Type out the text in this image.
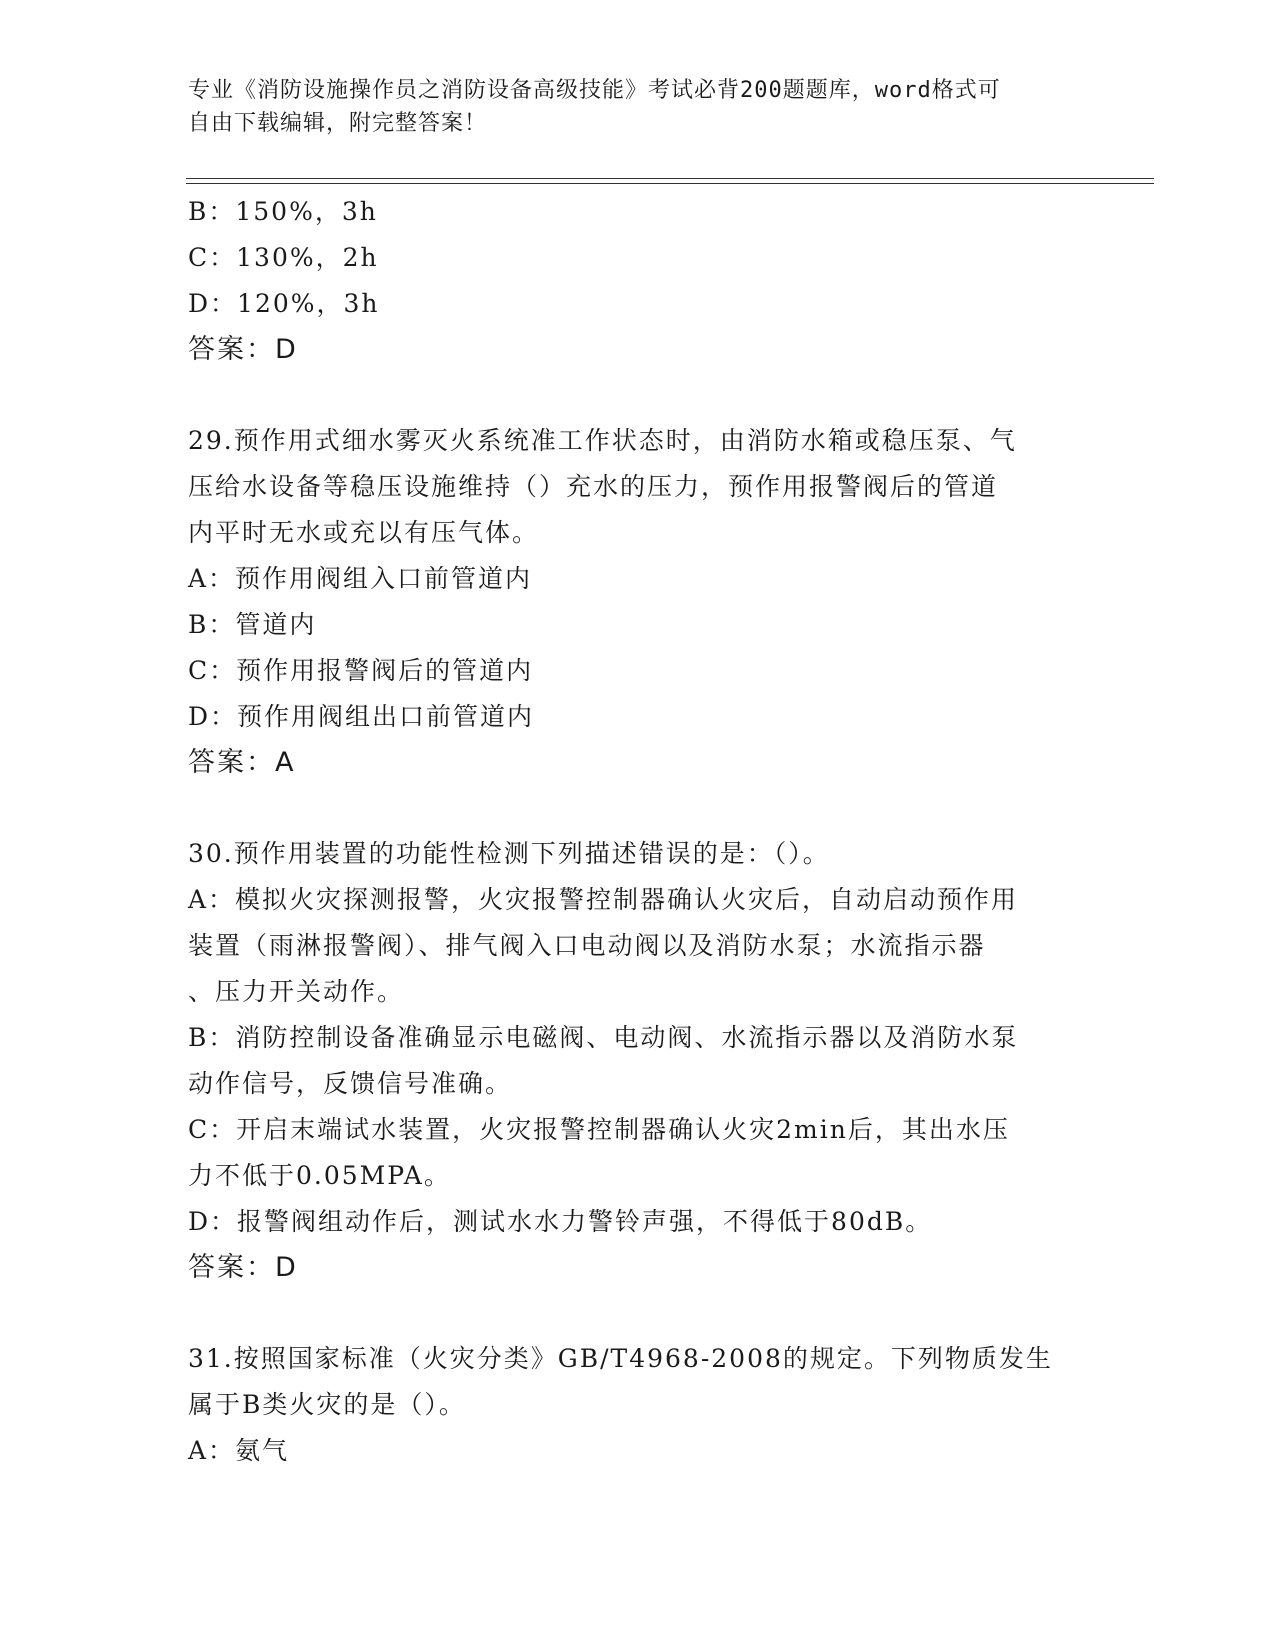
专业《消防设施操作员之消防设备高级技能》考试必背200题题库，word格式可
自由下载编辑，附完整答案！
B：150%，3h
C：130%，2h
D：120%，3h
答案：D
29.预作用式细水雾灭火系统准工作状态时，由消防水箱或稳压泵、气
压给水设备等稳压设施维持（）充水的压力，预作用报警阀后的管道
内平时无水或充以有压气体。
A：预作用阀组入口前管道内
B：管道内
C：预作用报警阀后的管道内
D：预作用阀组出口前管道内
答案：A
30.预作用装置的功能性检测下列描述错误的是：（）。
A：模拟火灾探测报警，火灾报警控制器确认火灾后，自动启动预作用
装置（雨淋报警阀）、排气阀入口电动阀以及消防水泵；水流指示器
、压力开关动作。
B：消防控制设备准确显示电磁阀、电动阀、水流指示器以及消防水泵
动作信号，反馈信号准确。
C：开启末端试水装置，火灾报警控制器确认火灾2min后，其出水压
力不低于0.05MPA。
D：报警阀组动作后，测试水水力警铃声强，不得低于80dB。
答案：D
31.按照国家标准（火灾分类》GB/T4968-2008的规定。下列物质发生
属于B类火灾的是（）。
A：氨气
